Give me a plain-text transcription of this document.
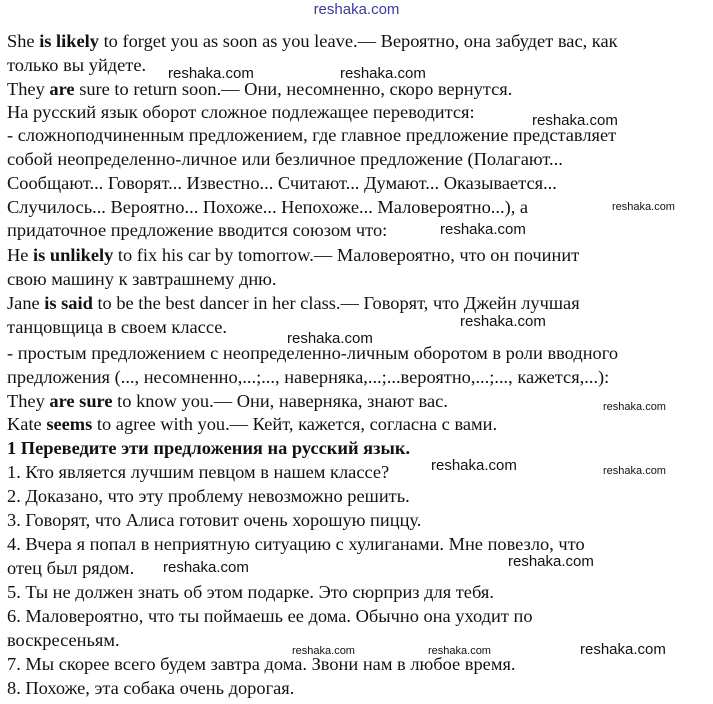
reshaka.com
She is likely to forget you as soon as you leave.— Вероятно, она забудет вас, как
только вы уйдете.
They are sure to return soon.— Они, несомненно, скоро вернутся.
На русский язык оборот сложное подлежащее переводится:
- сложноподчиненным предложением, где главное предложение представляет
собой неопределенно-личное или безличное предложение (Полагают...
Сообщают... Говорят... Известно... Считают... Думают... Оказывается...
Случилось... Вероятно... Похоже... Непохоже... Маловероятно...), а
придаточное предложение вводится союзом что:
He is unlikely to fix his car by tomorrow.— Маловероятно, что он починит
свою машину к завтрашнему дню.
Jane is said to be the best dancer in her class.— Говорят, что Джейн лучшая
танцовщица в своем классе.
- простым предложением с неопределенно-личным оборотом в роли вводного
предложения (..., несомненно,...;..., наверняка,...;...вероятно,...;..., кажется,...):
They are sure to know you.— Они, наверняка, знают вас.
Kate seems to agree with you.— Кейт, кажется, согласна с вами.
1 Переведите эти предложения на русский язык.
1. Кто является лучшим певцом в нашем классе?
2. Доказано, что эту проблему невозможно решить.
3. Говорят, что Алиса готовит очень хорошую пиццу.
4. Вчера я попал в неприятную ситуацию с хулиганами. Мне повезло, что
отец был рядом.
5. Ты не должен знать об этом подарке. Это сюрприз для тебя.
6. Маловероятно, что ты поймаешь ее дома. Обычно она уходит по
воскресеньям.
7. Мы скорее всего будем завтра дома. Звони нам в любое время.
8. Похоже, эта собака очень дорогая.
reshaka.com	reshaka.com
reshaka.com
reshaka.com
reshaka.com
reshaka.com
reshaka.com
reshaka.com
reshaka.com	reshaka.com
reshaka.com	reshaka.com
reshaka.com	reshaka.com	reshaka.com
